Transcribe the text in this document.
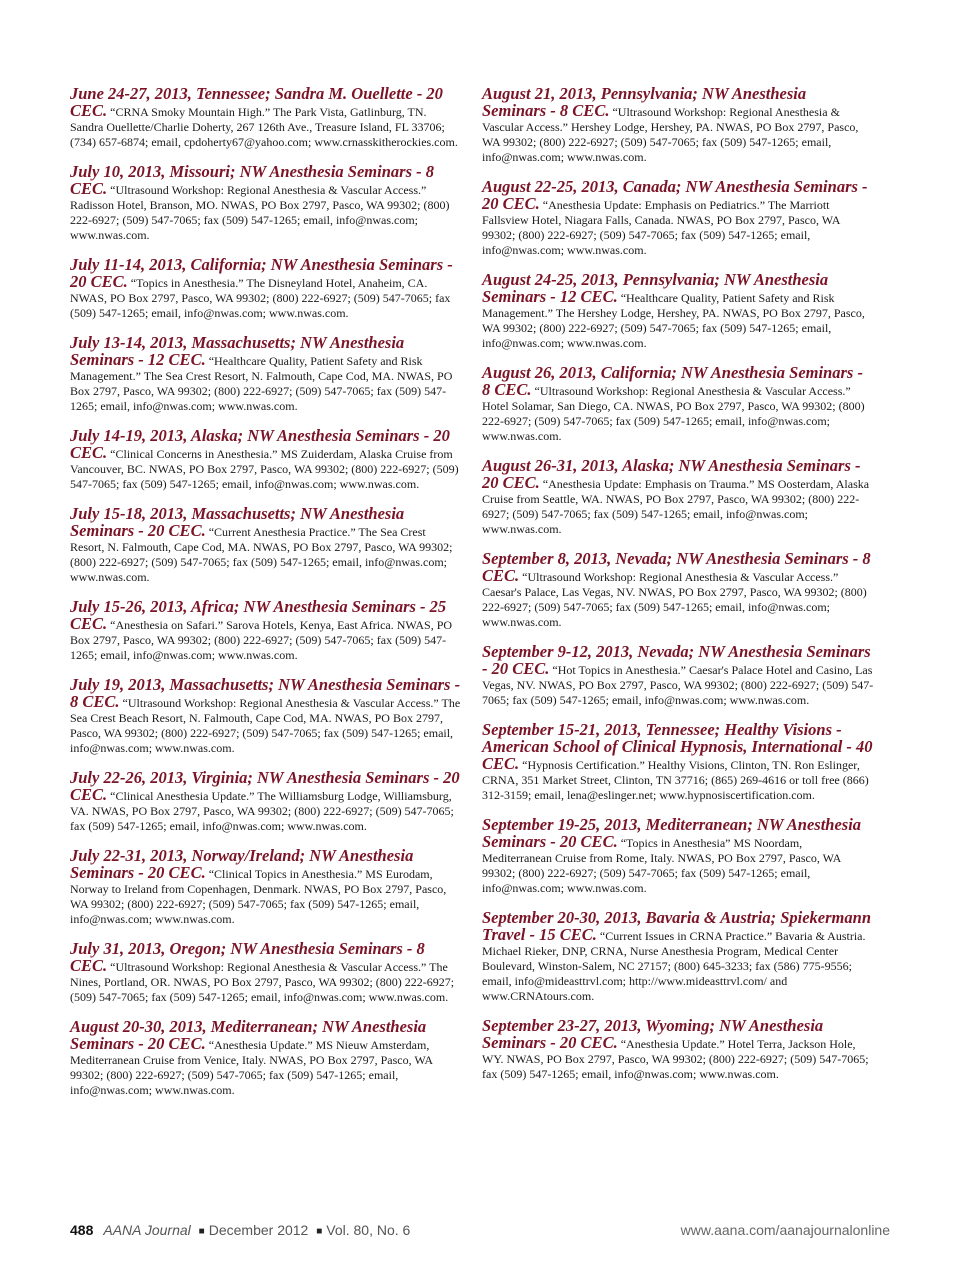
June 24-27, 2013, Tennessee; Sandra M. Ouellette - 20 CEC. “CRNA Smoky Mountain High.” The Park Vista, Gatlinburg, TN. Sandra Ouellette/Charlie Doherty, 267 126th Ave., Treasure Island, FL 33706; (734) 657-6874; email, cpdoherty67@yahoo.com; www.crnasskitherockies.com.
July 10, 2013, Missouri; NW Anesthesia Seminars - 8 CEC. “Ultrasound Workshop: Regional Anesthesia & Vascular Access.” Radisson Hotel, Branson, MO. NWAS, PO Box 2797, Pasco, WA 99302; (800) 222-6927; (509) 547-7065; fax (509) 547-1265; email, info@nwas.com; www.nwas.com.
July 11-14, 2013, California; NW Anesthesia Seminars - 20 CEC. “Topics in Anesthesia.” The Disneyland Hotel, Anaheim, CA. NWAS, PO Box 2797, Pasco, WA 99302; (800) 222-6927; (509) 547-7065; fax (509) 547-1265; email, info@nwas.com; www.nwas.com.
July 13-14, 2013, Massachusetts; NW Anesthesia Seminars - 12 CEC. “Healthcare Quality, Patient Safety and Risk Management.” The Sea Crest Resort, N. Falmouth, Cape Cod, MA. NWAS, PO Box 2797, Pasco, WA 99302; (800) 222-6927; (509) 547-7065; fax (509) 547-1265; email, info@nwas.com; www.nwas.com.
July 14-19, 2013, Alaska; NW Anesthesia Seminars - 20 CEC. “Clinical Concerns in Anesthesia.” MS Zuiderdam, Alaska Cruise from Vancouver, BC. NWAS, PO Box 2797, Pasco, WA 99302; (800) 222-6927; (509) 547-7065; fax (509) 547-1265; email, info@nwas.com; www.nwas.com.
July 15-18, 2013, Massachusetts; NW Anesthesia Seminars - 20 CEC. “Current Anesthesia Practice.” The Sea Crest Resort, N. Falmouth, Cape Cod, MA. NWAS, PO Box 2797, Pasco, WA 99302; (800) 222-6927; (509) 547-7065; fax (509) 547-1265; email, info@nwas.com; www.nwas.com.
July 15-26, 2013, Africa; NW Anesthesia Seminars - 25 CEC. “Anesthesia on Safari.” Sarova Hotels, Kenya, East Africa. NWAS, PO Box 2797, Pasco, WA 99302; (800) 222-6927; (509) 547-7065; fax (509) 547-1265; email, info@nwas.com; www.nwas.com.
July 19, 2013, Massachusetts; NW Anesthesia Seminars - 8 CEC. “Ultrasound Workshop: Regional Anesthesia & Vascular Access.” The Sea Crest Beach Resort, N. Falmouth, Cape Cod, MA. NWAS, PO Box 2797, Pasco, WA 99302; (800) 222-6927; (509) 547-7065; fax (509) 547-1265; email, info@nwas.com; www.nwas.com.
July 22-26, 2013, Virginia; NW Anesthesia Seminars - 20 CEC. “Clinical Anesthesia Update.” The Williamsburg Lodge, Williamsburg, VA. NWAS, PO Box 2797, Pasco, WA 99302; (800) 222-6927; (509) 547-7065; fax (509) 547-1265; email, info@nwas.com; www.nwas.com.
July 22-31, 2013, Norway/Ireland; NW Anesthesia Seminars - 20 CEC. “Clinical Topics in Anesthesia.” MS Eurodam, Norway to Ireland from Copenhagen, Denmark. NWAS, PO Box 2797, Pasco, WA 99302; (800) 222-6927; (509) 547-7065; fax (509) 547-1265; email, info@nwas.com; www.nwas.com.
July 31, 2013, Oregon; NW Anesthesia Seminars - 8 CEC. “Ultrasound Workshop: Regional Anesthesia & Vascular Access.” The Nines, Portland, OR. NWAS, PO Box 2797, Pasco, WA 99302; (800) 222-6927; (509) 547-7065; fax (509) 547-1265; email, info@nwas.com; www.nwas.com.
August 20-30, 2013, Mediterranean; NW Anesthesia Seminars - 20 CEC. “Anesthesia Update.” MS Nieuw Amsterdam, Mediterranean Cruise from Venice, Italy. NWAS, PO Box 2797, Pasco, WA 99302; (800) 222-6927; (509) 547-7065; fax (509) 547-1265; email, info@nwas.com; www.nwas.com.
August 21, 2013, Pennsylvania; NW Anesthesia Seminars - 8 CEC. “Ultrasound Workshop: Regional Anesthesia & Vascular Access.” Hershey Lodge, Hershey, PA. NWAS, PO Box 2797, Pasco, WA 99302; (800) 222-6927; (509) 547-7065; fax (509) 547-1265; email, info@nwas.com; www.nwas.com.
August 22-25, 2013, Canada; NW Anesthesia Seminars - 20 CEC. “Anesthesia Update: Emphasis on Pediatrics.” The Marriott Fallsview Hotel, Niagara Falls, Canada. NWAS, PO Box 2797, Pasco, WA 99302; (800) 222-6927; (509) 547-7065; fax (509) 547-1265; email, info@nwas.com; www.nwas.com.
August 24-25, 2013, Pennsylvania; NW Anesthesia Seminars - 12 CEC. “Healthcare Quality, Patient Safety and Risk Management.” The Hershey Lodge, Hershey, PA. NWAS, PO Box 2797, Pasco, WA 99302; (800) 222-6927; (509) 547-7065; fax (509) 547-1265; email, info@nwas.com; www.nwas.com.
August 26, 2013, California; NW Anesthesia Seminars - 8 CEC. “Ultrasound Workshop: Regional Anesthesia & Vascular Access.” Hotel Solamar, San Diego, CA. NWAS, PO Box 2797, Pasco, WA 99302; (800) 222-6927; (509) 547-7065; fax (509) 547-1265; email, info@nwas.com; www.nwas.com.
August 26-31, 2013, Alaska; NW Anesthesia Seminars - 20 CEC. “Anesthesia Update: Emphasis on Trauma.” MS Oosterdam, Alaska Cruise from Seattle, WA. NWAS, PO Box 2797, Pasco, WA 99302; (800) 222-6927; (509) 547-7065; fax (509) 547-1265; email, info@nwas.com; www.nwas.com.
September 8, 2013, Nevada; NW Anesthesia Seminars - 8 CEC. “Ultrasound Workshop: Regional Anesthesia & Vascular Access.” Caesar's Palace, Las Vegas, NV. NWAS, PO Box 2797, Pasco, WA 99302; (800) 222-6927; (509) 547-7065; fax (509) 547-1265; email, info@nwas.com; www.nwas.com.
September 9-12, 2013, Nevada; NW Anesthesia Seminars - 20 CEC. “Hot Topics in Anesthesia.” Caesar's Palace Hotel and Casino, Las Vegas, NV. NWAS, PO Box 2797, Pasco, WA 99302; (800) 222-6927; (509) 547-7065; fax (509) 547-1265; email, info@nwas.com; www.nwas.com.
September 15-21, 2013, Tennessee; Healthy Visions - American School of Clinical Hypnosis, International - 40 CEC. “Hypnosis Certification.” Healthy Visions, Clinton, TN. Ron Eslinger, CRNA, 351 Market Street, Clinton, TN 37716; (865) 269-4616 or toll free (866) 312-3159; email, lena@eslinger.net; www.hypnosiscertification.com.
September 19-25, 2013, Mediterranean; NW Anesthesia Seminars - 20 CEC. “Topics in Anesthesia” MS Noordam, Mediterranean Cruise from Rome, Italy. NWAS, PO Box 2797, Pasco, WA 99302; (800) 222-6927; (509) 547-7065; fax (509) 547-1265; email, info@nwas.com; www.nwas.com.
September 20-30, 2013, Bavaria & Austria; Spiekermann Travel - 15 CEC. “Current Issues in CRNA Practice.” Bavaria & Austria. Michael Rieker, DNP, CRNA, Nurse Anesthesia Program, Medical Center Boulevard, Winston-Salem, NC 27157; (800) 645-3233; fax (586) 775-9556; email, info@mideasttrvl.com; http://www.mideasttrvl.com/ and www.CRNAtours.com.
September 23-27, 2013, Wyoming; NW Anesthesia Seminars - 20 CEC. “Anesthesia Update.” Hotel Terra, Jackson Hole, WY. NWAS, PO Box 2797, Pasco, WA 99302; (800) 222-6927; (509) 547-7065; fax (509) 547-1265; email, info@nwas.com; www.nwas.com.
488 AANA Journal ■ December 2012 ■ Vol. 80, No. 6	www.aana.com/aanajournalonline
